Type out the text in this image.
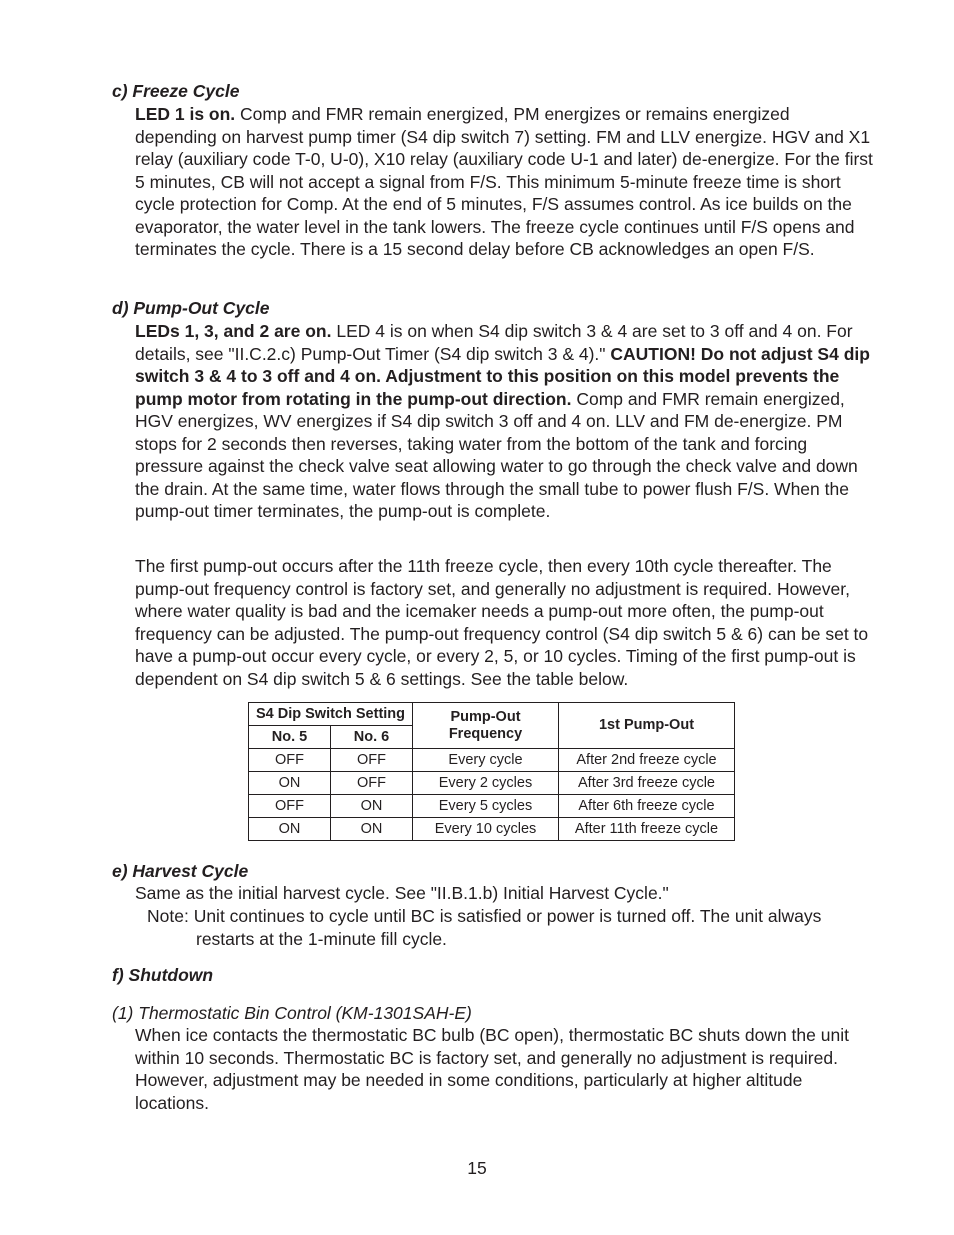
c) Freeze Cycle
LED 1 is on. Comp and FMR remain energized, PM energizes or remains energized depending on harvest pump timer (S4 dip switch 7) setting. FM and LLV energize. HGV and X1 relay (auxiliary code T-0, U-0), X10 relay (auxiliary code U-1 and later) de-energize. For the first 5 minutes, CB will not accept a signal from F/S. This minimum 5-minute freeze time is short cycle protection for Comp. At the end of 5 minutes, F/S assumes control. As ice builds on the evaporator, the water level in the tank lowers. The freeze cycle continues until F/S opens and terminates the cycle. There is a 15 second delay before CB acknowledges an open F/S.
d) Pump-Out Cycle
LEDs 1, 3, and 2 are on. LED 4 is on when S4 dip switch 3 & 4 are set to 3 off and 4 on. For details, see "II.C.2.c) Pump-Out Timer (S4 dip switch 3 & 4)." CAUTION! Do not adjust S4 dip switch 3 & 4 to 3 off and 4 on. Adjustment to this position on this model prevents the pump motor from rotating in the pump-out direction. Comp and FMR remain energized, HGV energizes, WV energizes if S4 dip switch 3 off and 4 on. LLV and FM de-energize. PM stops for 2 seconds then reverses, taking water from the bottom of the tank and forcing pressure against the check valve seat allowing water to go through the check valve and down the drain. At the same time, water flows through the small tube to power flush F/S. When the pump-out timer terminates, the pump-out is complete.
The first pump-out occurs after the 11th freeze cycle, then every 10th cycle thereafter. The pump-out frequency control is factory set, and generally no adjustment is required. However, where water quality is bad and the icemaker needs a pump-out more often, the pump-out frequency can be adjusted. The pump-out frequency control (S4 dip switch 5 & 6) can be set to have a pump-out occur every cycle, or every 2, 5, or 10 cycles. Timing of the first pump-out is dependent on S4 dip switch 5 & 6 settings. See the table below.
S4 Dip Switch Setting		Pump-Out Frequency	1st Pump-Out
No. 5	No. 6		
OFF	OFF	Every cycle	After 2nd freeze cycle
ON	OFF	Every 2 cycles	After 3rd freeze cycle
OFF	ON	Every 5 cycles	After 6th freeze cycle
ON	ON	Every 10 cycles	After 11th freeze cycle
e) Harvest Cycle
Same as the initial harvest cycle. See "II.B.1.b) Initial Harvest Cycle."
Note: Unit continues to cycle until BC is satisfied or power is turned off. The unit always
restarts at the 1-minute fill cycle.
f) Shutdown
(1) Thermostatic Bin Control (KM-1301SAH-E)
When ice contacts the thermostatic BC bulb (BC open), thermostatic BC shuts down the unit within 10 seconds. Thermostatic BC is factory set, and generally no adjustment is required. However, adjustment may be needed in some conditions, particularly at higher altitude locations.
15
